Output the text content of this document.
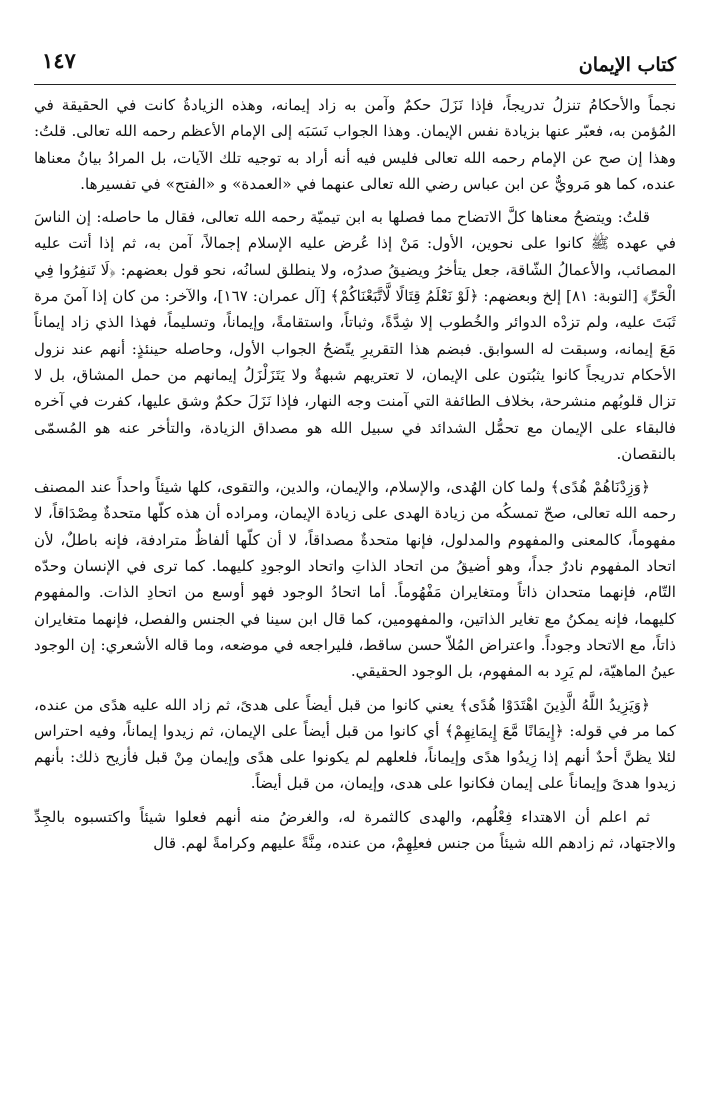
كتاب الإيمان
١٤٧

نجماً والأحكامُ تنزلُ تدريجاً، فإذا نَزَلَ حكمٌ وآمن به زاد إيمانه، وهذه الزيادةُ كانت في الحقيقة في المُؤمن به، فعبّر عنها بزيادة نفس الإيمان. وهذا الجواب نَسَبَه إلى الإمام الأعظم رحمه الله تعالى. قلتُ: وهذا إن صح عن الإمام رحمه الله تعالى فليس فيه أنه أراد به توجيه تلك الآيات، بل المرادُ بيانُ معناها عنده، كما هو مَرويٌّ عن ابن عباس رضي الله تعالى عنهما في «العمدة» و «الفتح» في تفسيرها.

قلتُ: ويتضحُ معناها كلَّ الاتضاح مما فصلها به ابن تيميّة رحمه الله تعالى، فقال ما حاصله: إن الناسَ في عهده ﷺ كانوا على نحوين، الأول: مَنْ إذا عُرض عليه الإسلام إجمالاً، آمن به، ثم إذا أتت عليه المصائب، والأعمالُ الشّاقة، جعل يتأخرُ ويضيقُ صدرُه، ولا ينطلق لسانُه، نحو قول بعضهم: ﴿لَا تَنفِرُوا فِي الْحَرِّ﴾ [التوبة: ٨١] إلخ وبعضهم: ﴿لَوْ نَعْلَمُ قِتَالًا لَّاتَّبَعْنَاكُمْ﴾ [آل عمران: ١٦٧]، والآخر: من كان إذا آمنَ مرة ثَبَتَ عليه، ولم تزدْه الدوائر والخُطوب إلا شِدَّةً، وثباتاً، واستقامةً، وإيماناً، وتسليماً، فهذا الذي زاد إيماناً مَعَ إيمانه، وسبقت له السوابق. فبضم هذا التقريرِ يتّضحُ الجواب الأول، وحاصله حينئذٍ: أنهم عند نزول الأحكام تدريجاً كانوا يثبُتون على الإيمان، لا تعتريهم شبهةٌ ولا يَتَزَلْزَلُ إيمانهم من حمل المشاق، بل لا تزال قلوبُهم منشرحة، بخلاف الطائفة التي آمنت وجه النهار، فإذا نَزَلَ حكمٌ وشق عليها، كفرت في آخره فالبقاء على الإيمان مع تحمُّل الشدائد في سبيل الله هو مصداق الزيادة، والتأخر عنه هو المُسمّى بالنقصان.

﴿وَزِدْنَاهُمْ هُدًى﴾ ولما كان الهُدى، والإسلام، والإيمان، والدين، والتقوى، كلها شيئاً واحداً عند المصنف رحمه الله تعالى، صحّ تمسكُه من زيادة الهدى على زيادة الإيمان، ومراده أن هذه كلّها متحدةٌ مِصْدَاقاً، لا مفهوماً، كالمعنى والمفهوم والمدلول، فإنها متحدةٌ مصداقاً، لا أن كلّها ألفاظٌ مترادفة، فإنه باطلٌ، لأن اتحاد المفهوم نادرٌ جداً، وهو أضيقُ من اتحاد الذاتِ واتحاد الوجودِ كليهما. كما ترى في الإنسان وحدّه التّام، فإنهما متحدان ذاتاً ومتغايران مَفْهُوماً. أما اتحادُ الوجود فهو أوسع من اتحادِ الذات. والمفهوم كليهما، فإنه يمكنُ مع تغاير الذاتين، والمفهومين، كما قال ابن سينا في الجنس والفصل، فإنهما متغايران ذاتاً، مع الاتحاد وجوداً. واعتراض المُلاّ حسن ساقط، فليراجعه في موضعه، وما قاله الأشعري: إن الوجود عينُ الماهيّة، لم يَرِد به المفهوم، بل الوجود الحقيقي.

﴿وَيَزِيدُ اللَّهُ الَّذِينَ اهْتَدَوْا هُدًى﴾ يعني كانوا من قبل أيضاً على هدىً، ثم زاد الله عليه هدًى من عنده، كما مر في قوله: ﴿إِيمَانًا مَّعَ إِيمَانِهِمْ﴾ أي كانوا من قبل أيضاً على الإيمان، ثم زيدوا إيماناً، وفيه احتراس لئلا يظنَّ أحدٌ أنهم إذا زِيدُوا هدًى وإيماناً، فلعلهم لم يكونوا على هدًى وإيمان مِنْ قبل فأزيح ذلك: بأنهم زيدوا هدىً وإيماناً على إيمان فكانوا على هدى، وإيمان، من قبل أيضاً.

ثم اعلم أن الاهتداء فِعْلُهم، والهدى كالثمرة له، والغرضُ منه أنهم فعلوا شيئاً واكتسبوه بالجِدِّ والاجتهاد، ثم زادهم الله شيئاً من جنس فعلِهِمْ، من عنده، مِنَّةً عليهم وكرامةً لهم. قال
